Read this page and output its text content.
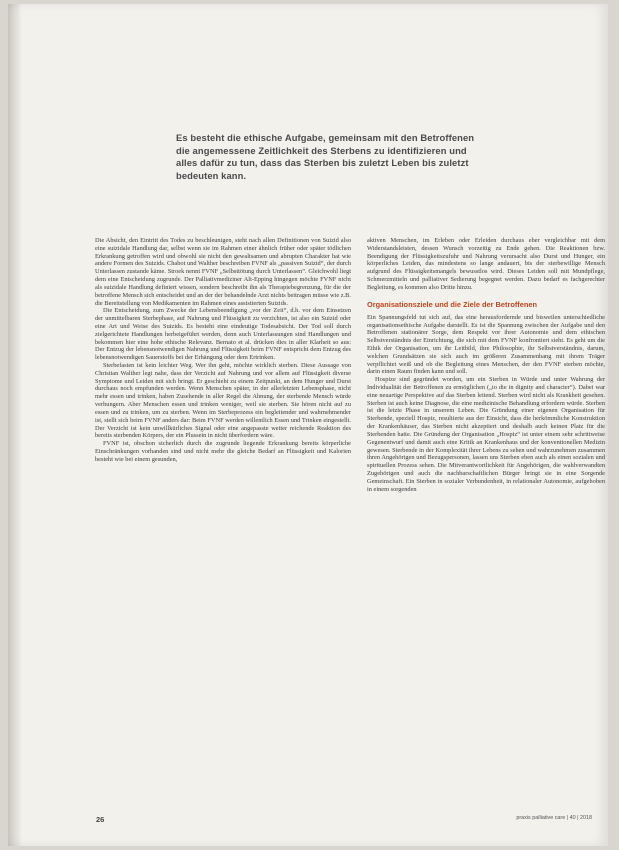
Es besteht die ethische Aufgabe, gemeinsam mit den Betroffenen die angemessene Zeitlichkeit des Sterbens zu identifizieren und alles dafür zu tun, dass das Sterben bis zuletzt Leben bis zuletzt bedeuten kann.

Die Absicht, den Eintritt des Todes zu beschleunigen, steht nach allen Definitionen von Suizid also eine suizidale Handlung dar, selbst wenn sie im Rahmen einer ähnlich früher oder später tödlichen Erkrankung getroffen wird und obwohl sie nicht den gewaltsamen und abrupten Charakter hat wie andere Formen des Suizids. Chabot und Walther beschreiben FVNF als „passiven Suizid“, der durch Unterlassen zustande käme. Stroek nennt FVNF „Selbsttötung durch Unterlassen“. Gleichwohl liegt dem eine Entscheidung zugrunde. Der Palliativmediziner Alt-Epping hingegen möchte FVNF nicht als suizidale Handlung definiert wissen, sondern beschreibt ihn als Therapiebegrenzung, für die der betroffene Mensch sich entscheidet und an der der behandelnde Arzt nichts beitragen müsse wie z.B. die Bereitstellung von Medikamenten im Rahmen eines assistierten Suizids.

Die Entscheidung, zum Zwecke der Lebensbeendigung „vor der Zeit“, d.h. vor dem Einsetzen der unmittelbaren Sterbephase, auf Nahrung und Flüssigkeit zu verzichten, ist also ein Suizid oder eine Art und Weise des Suizids. Es besteht eine eindeutige Todesabsicht. Der Tod soll durch zielgerichtete Handlungen herbeigeführt werden, denn auch Unterlassungen sind Handlungen und bekommen hier eine hohe ethische Relevanz. Bernato et al. drücken dies in aller Klarheit so aus: Der Entzug der lebensnotwendigen Nahrung und Flüssigkeit beim FVNF entspricht dem Entzug des lebensnotwendigen Sauerstoffs bei der Erhängung oder dem Ertrinken.

Sterbefasten ist kein leichter Weg. Wer ihn geht, möchte wirklich sterben. Diese Aussage von Christian Walther legt nahe, dass der Verzicht auf Nahrung und vor allem auf Flüssigkeit diverse Symptome und Leiden mit sich bringt. Er geschieht zu einem Zeitpunkt, an dem Hunger und Durst durchaus noch empfunden werden. Wenn Menschen später, in der allerletzten Lebensphase, nicht mehr essen und trinken, haben Zusehende in aller Regel die Ahnung, der sterbende Mensch würde verhungern. Aber Menschen essen und trinken weniger, weil sie sterben. Sie hören nicht auf zu essen und zu trinken, um zu sterben. Wenn im Sterbeprozess ein begleitender und wahrnehmender ist, stellt sich beim FVNF anders dar: Beim FVNF werden willentlich Essen und Trinken eingestellt. Der Verzicht ist kein unwillkürliches Signal oder eine angepasste weiter reichende Reaktion des bereits sterbenden Körpers, der ein Plussein in nicht überfordern wäre.

FVNF ist, obschon sicherlich durch die zugrunde liegende Erkrankung bereits körperliche Einschränkungen vorhanden sind und nicht mehr die gleiche Bedarf an Flüssigkeit und Kalorien besteht wie bei einem gesunden,

aktiven Menschen, im Erleben oder Erleiden durchaus eher vergleichbar mit dem Widerstandsleisten, dessen Wunsch vorzeitig zu Ende gehen. Die Reaktionen bzw. Beendigung der Flüssigkeitszufuhr und Nahrung verursacht also Durst und Hunger, ein körperliches Leiden, das mindestens so lange andauert, bis der sterbewillige Mensch aufgrund des Flüssigkeitsmangels bewusstlos wird. Dieses Leiden soll mit Mundpflege, Schmerzmitteln und palliativer Sedierung begegnet werden. Dazu bedarf es fachgerechter Begleitung, es kommen also Dritte hinzu.

Organisationsziele und die Ziele der Betroffenen

Ein Spannungsfeld tut sich auf, das eine herausfordernde und bisweilen unterschiedliche organisationsethische Aufgabe darstellt. Es ist die Spannung zwischen der Aufgabe und den Betroffenen stationärer Sorge, dem Respekt vor ihrer Autonomie und dem ethischen Selbstverständnis der Einrichtung, die sich mit dem FVNF konfrontiert sieht. Es geht um die Ethik der Organisation, um ihr Leitbild, ihre Philosophie, ihr Selbstverständnis, darum, welchen Grundsätzen sie sich auch im größeren Zusammenhang mit ihrem Träger verpflichtet weiß und ob die Begleitung eines Menschen, der den FVNF sterben möchte, darin einen Raum finden kann und soll.

Hospize sind gegründet worden, um ein Sterben in Würde und unter Wahrung der Individualität der Betroffenen zu ermöglichen („to die in dignity and character“). Dabei war eine neuartige Perspektive auf das Sterben leitend. Sterben wird nicht als Krankheit gesehen. Sterben ist auch keine Diagnose, die eine medizinische Behandlung erfordern würde. Sterben ist die letzte Phase in unserem Leben. Die Gründung einer eigenen Organisation für Sterbende, speziell Hospiz, resultierte aus der Einsicht, dass die herkömmliche Konstruktion der Krankenhäuser, das Sterben nicht akzeptiert und deshalb auch keinen Platz für die Sterbenden hatte. Die Gründung der Organisation „Hospiz“ ist unter einem sehr schrittweise Gegenentwurf und damit auch eine Kritik an Krankenhaus und der konventionellen Medizin gewesen. Sterbende in der Komplexität ihrer Lebens zu sehen und wahrzunehmen zusammen ihren Angehörigen und Bezugspersonen, lassen uns Sterben eben auch als einen sozialen und spirituellen Prozess sehen. Die Mitverantwortlichkeit für Angehörigen, die wahlverwandten Zugehörigen und auch die nachbarschaftlichen Bürger bringt sie in eine Sorgende Gemeinschaft. Ein Sterben in sozialer Verbundenheit, in relationaler Autonomie, aufgehoben in einem sorgenden

26	praxis palliative care | 40 | 2018
